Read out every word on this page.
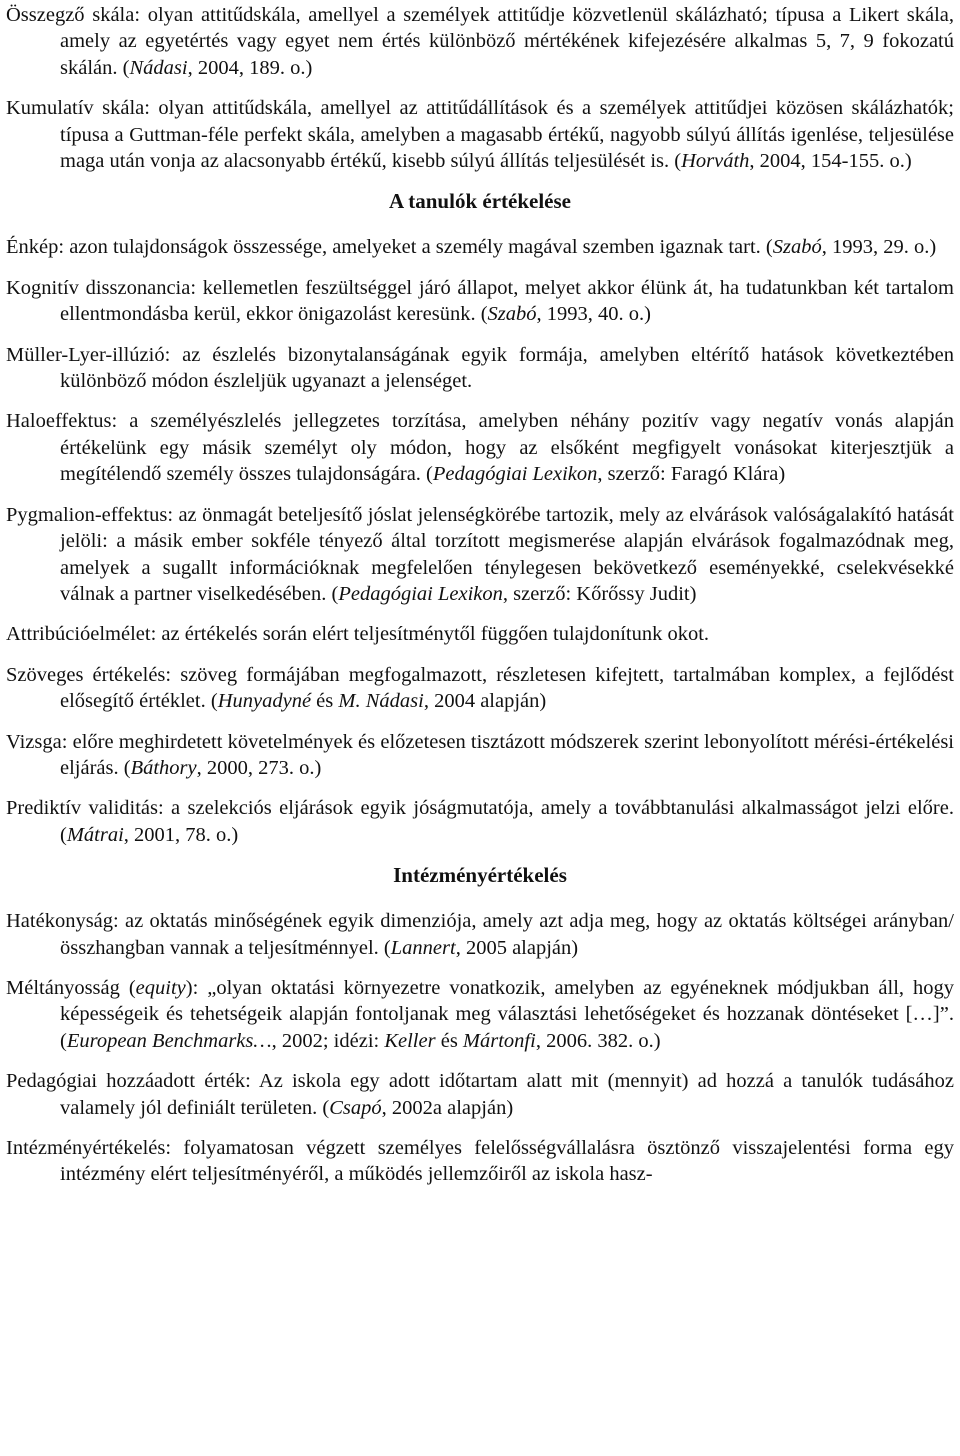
Összegző skála: olyan attitűdskála, amellyel a személyek attitűdje közvetlenül skálázható; típusa a Likert skála, amely az egyetértés vagy egyet nem értés különböző mértékének kifejezésére alkalmas 5, 7, 9 fokozatú skálán. (Nádasi, 2004, 189. o.)

Kumulatív skála: olyan attitűdskála, amellyel az attitűdállítások és a személyek attitűdjei közösen skálázhatók; típusa a Guttman-féle perfekt skála, amelyben a magasabb értékű, nagyobb súlyú állítás igenlése, teljesülése maga után vonja az alacsonyabb értékű, kisebb súlyú állítás teljesülését is. (Horváth, 2004, 154-155. o.)

A tanulók értékelése

Énkép: azon tulajdonságok összessége, amelyeket a személy magával szemben igaznak tart. (Szabó, 1993, 29. o.)

Kognitív disszonancia: kellemetlen feszültséggel járó állapot, melyet akkor élünk át, ha tudatunkban két tartalom ellentmondásba kerül, ekkor önigazolást keresünk. (Szabó, 1993, 40. o.)

Müller-Lyer-illúzió: az észlelés bizonytalanságának egyik formája, amelyben eltérítő hatások következtében különböző módon észleljük ugyanazt a jelenséget.

Haloeffektus: a személyészlelés jellegzetes torzítása, amelyben néhány pozitív vagy negatív vonás alapján értékelünk egy másik személyt oly módon, hogy az elsőként megfigyelt vonásokat kiterjesztjük a megítélendő személy összes tulajdonságára. (Pedagógiai Lexikon, szerző: Faragó Klára)

Pygmalion-effektus: az önmagát beteljesítő jóslat jelenségkörébe tartozik, mely az elvárások valóságalakító hatását jelöli: a másik ember sokféle tényező által torzított megismerése alapján elvárások fogalmazódnak meg, amelyek a sugallt információknak megfelelően ténylegesen bekövetkező eseményekké, cselekvésekké válnak a partner viselkedésében. (Pedagógiai Lexikon, szerző: Kőrőssy Judit)

Attribúcióelmélet: az értékelés során elért teljesítménytől függően tulajdonítunk okot.

Szöveges értékelés: szöveg formájában megfogalmazott, részletesen kifejtett, tartalmában komplex, a fejlődést elősegítő értéklet. (Hunyadyné és M. Nádasi, 2004 alapján)

Vizsga: előre meghirdetett követelmények és előzetesen tisztázott módszerek szerint lebonyolított mérési-értékelési eljárás. (Báthory, 2000, 273. o.)

Prediktív validitás: a szelekciós eljárások egyik jóságmutatója, amely a továbbtanulási alkalmasságot jelzi előre. (Mátrai, 2001, 78. o.)

Intézményértékelés

Hatékonyság: az oktatás minőségének egyik dimenziója, amely azt adja meg, hogy az oktatás költségei arányban/összhangban vannak a teljesítménnyel. (Lannert, 2005 alapján)

Méltányosság (equity): „olyan oktatási környezetre vonatkozik, amelyben az egyéneknek módjukban áll, hogy képességeik és tehetségeik alapján fontoljanak meg választási lehetőségeket és hozzanak döntéseket […]”. (European Benchmarks…, 2002; idézi: Keller és Mártonfi, 2006. 382. o.)

Pedagógiai hozzáadott érték: Az iskola egy adott időtartam alatt mit (mennyit) ad hozzá a tanulók tudásához valamely jól definiált területen. (Csapó, 2002a alapján)

Intézményértékelés: folyamatosan végzett személyes felelősségvállalásra ösztönző visszajelentési forma egy intézmény elért teljesítményéről, a működés jellemzőiről az iskola hasz-
